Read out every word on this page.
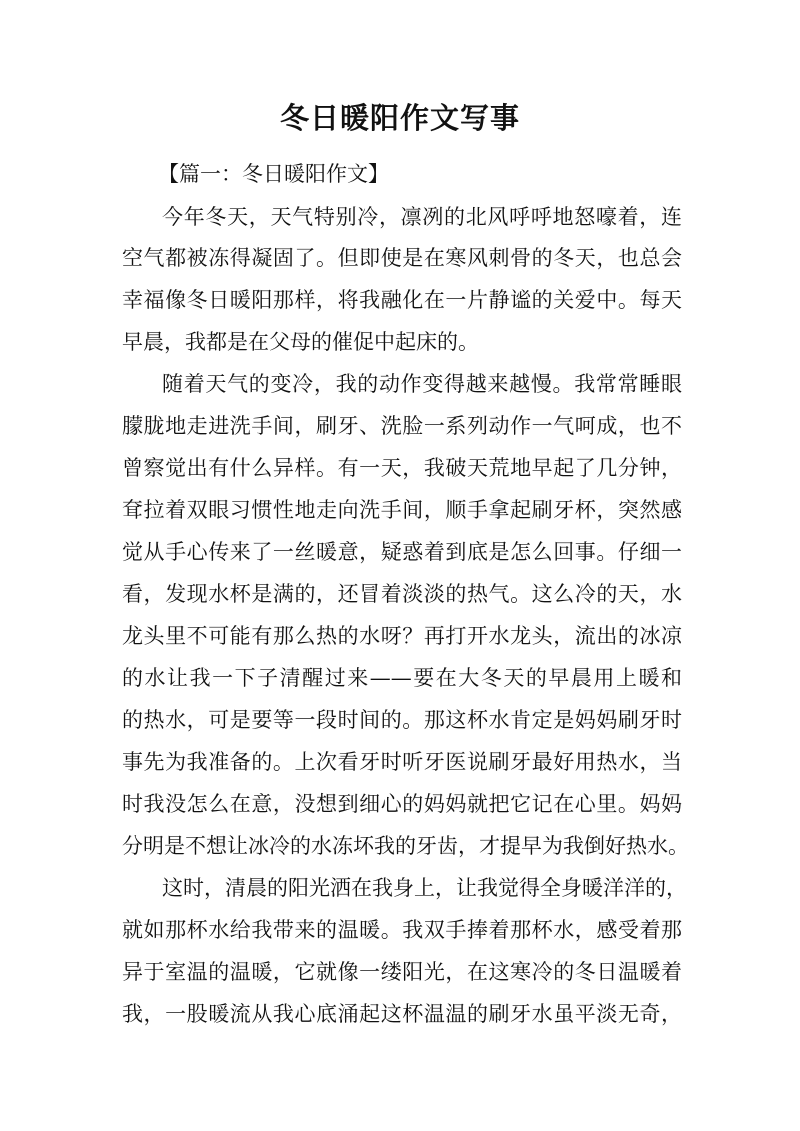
冬日暖阳作文写事

【篇一：冬日暖阳作文】

今年冬天，天气特别冷，凛冽的北风呼呼地怒嚎着，连

空气都被冻得凝固了。但即使是在寒风刺骨的冬天，也总会

幸福像冬日暖阳那样，将我融化在一片静谧的关爱中。每天

早晨，我都是在父母的催促中起床的。

随着天气的变冷，我的动作变得越来越慢。我常常睡眼

朦胧地走进洗手间，刷牙、洗脸一系列动作一气呵成，也不

曾察觉出有什么异样。有一天，我破天荒地早起了几分钟，

耷拉着双眼习惯性地走向洗手间，顺手拿起刷牙杯，突然感

觉从手心传来了一丝暖意，疑惑着到底是怎么回事。仔细一

看，发现水杯是满的，还冒着淡淡的热气。这么冷的天，水

龙头里不可能有那么热的水呀？再打开水龙头，流出的冰凉

的水让我一下子清醒过来——要在大冬天的早晨用上暖和

的热水，可是要等一段时间的。那这杯水肯定是妈妈刷牙时

事先为我准备的。上次看牙时听牙医说刷牙最好用热水，当

时我没怎么在意，没想到细心的妈妈就把它记在心里。妈妈

分明是不想让冰冷的水冻坏我的牙齿，才提早为我倒好热水。

这时，清晨的阳光洒在我身上，让我觉得全身暖洋洋的，

就如那杯水给我带来的温暖。我双手捧着那杯水，感受着那

异于室温的温暖，它就像一缕阳光，在这寒冷的冬日温暖着

我，一股暖流从我心底涌起这杯温温的刷牙水虽平淡无奇，
